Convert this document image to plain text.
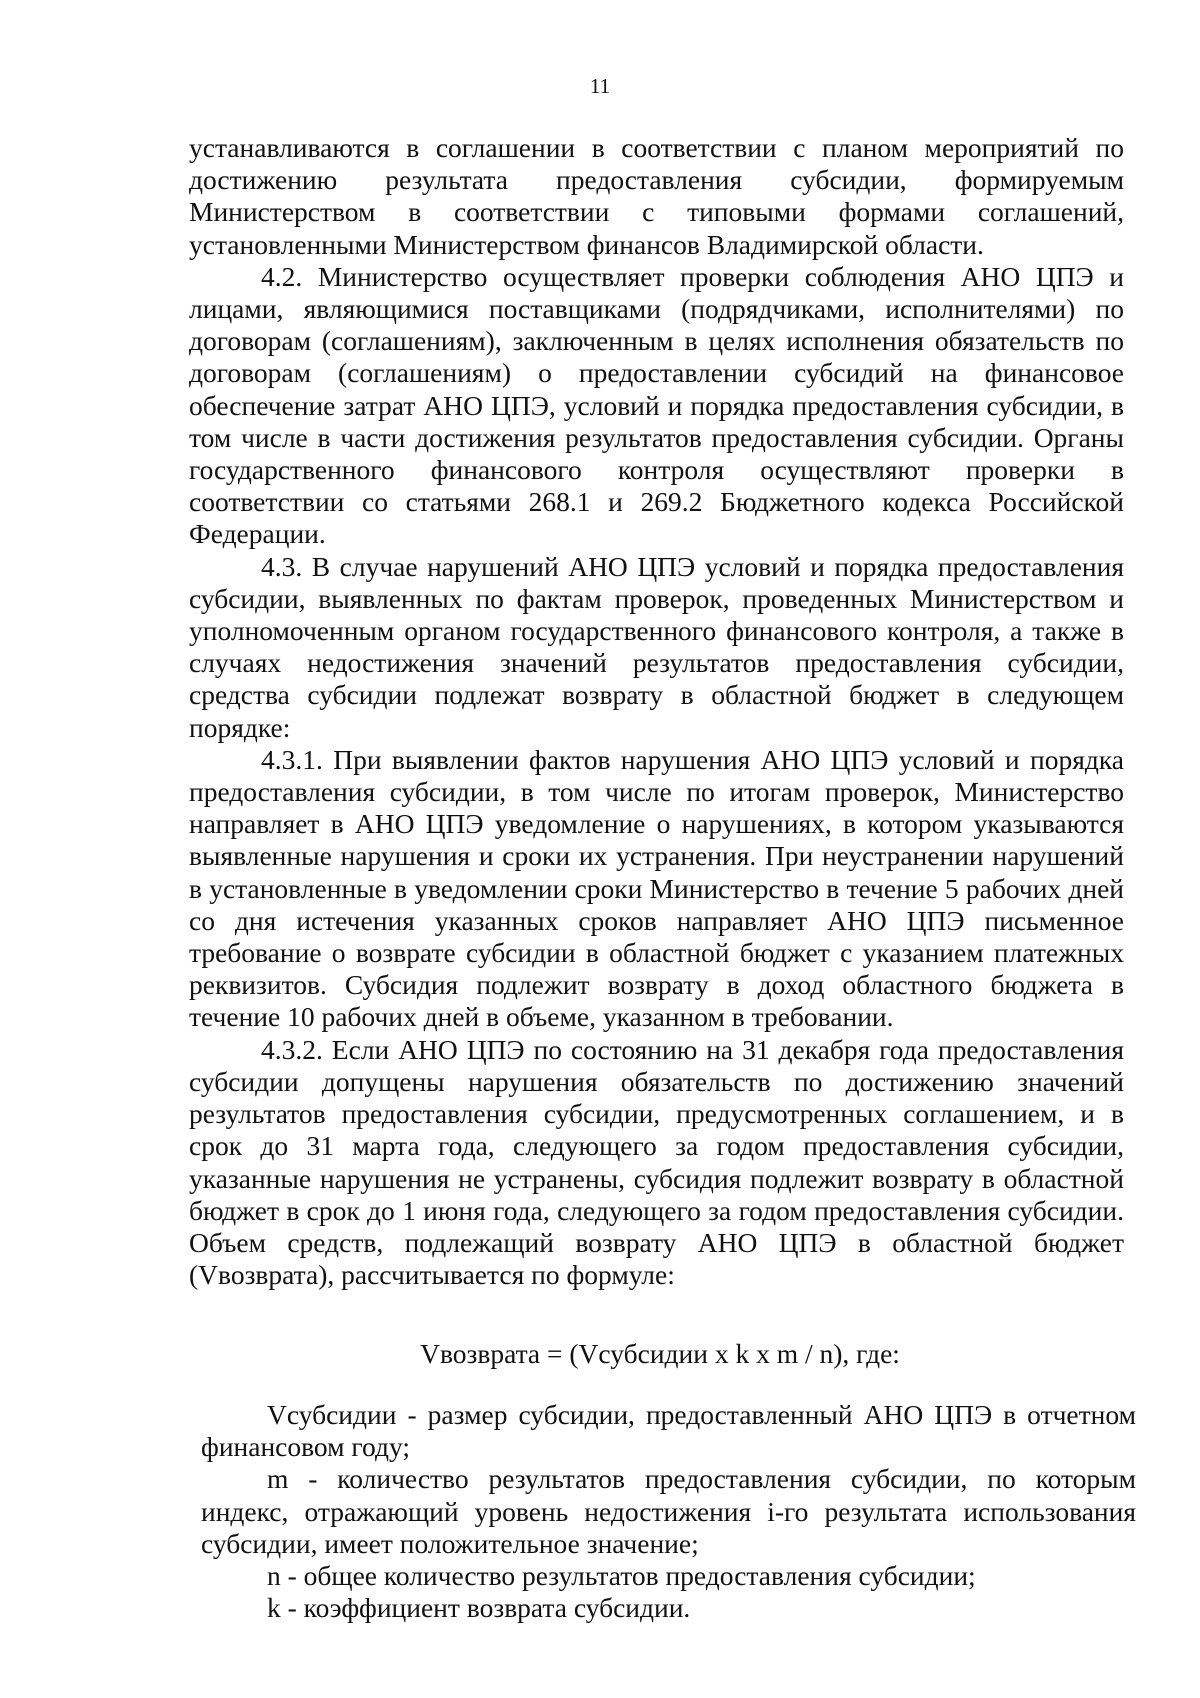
11

устанавливаются в соглашении в соответствии с планом мероприятий по достижению результата предоставления субсидии, формируемым Министерством в соответствии с типовыми формами соглашений, установленными Министерством финансов Владимирской области.

4.2. Министерство осуществляет проверки соблюдения АНО ЦПЭ и лицами, являющимися поставщиками (подрядчиками, исполнителями) по договорам (соглашениям), заключенным в целях исполнения обязательств по договорам (соглашениям) о предоставлении субсидий на финансовое обеспечение затрат АНО ЦПЭ, условий и порядка предоставления субсидии, в том числе в части достижения результатов предоставления субсидии. Органы государственного финансового контроля осуществляют проверки в соответствии со статьями 268.1 и 269.2 Бюджетного кодекса Российской Федерации.

4.3. В случае нарушений АНО ЦПЭ условий и порядка предоставления субсидии, выявленных по фактам проверок, проведенных Министерством и уполномоченным органом государственного финансового контроля, а также в случаях недостижения значений результатов предоставления субсидии, средства субсидии подлежат возврату в областной бюджет в следующем порядке:

4.3.1. При выявлении фактов нарушения АНО ЦПЭ условий и порядка предоставления субсидии, в том числе по итогам проверок, Министерство направляет в АНО ЦПЭ уведомление о нарушениях, в котором указываются выявленные нарушения и сроки их устранения. При неустранении нарушений в установленные в уведомлении сроки Министерство в течение 5 рабочих дней со дня истечения указанных сроков направляет АНО ЦПЭ письменное требование о возврате субсидии в областной бюджет с указанием платежных реквизитов. Субсидия подлежит возврату в доход областного бюджета в течение 10 рабочих дней в объеме, указанном в требовании.

4.3.2. Если АНО ЦПЭ по состоянию на 31 декабря года предоставления субсидии допущены нарушения обязательств по достижению значений результатов предоставления субсидии, предусмотренных соглашением, и в срок до 31 марта года, следующего за годом предоставления субсидии, указанные нарушения не устранены, субсидия подлежит возврату в областной бюджет в срок до 1 июня года, следующего за годом предоставления субсидии. Объем средств, подлежащий возврату АНО ЦПЭ в областной бюджет (Vвозврата), рассчитывается по формуле:

Vвозврата = (Vсубсидии x k x m / n), где:

Vсубсидии - размер субсидии, предоставленный АНО ЦПЭ в отчетном финансовом году;

m - количество результатов предоставления субсидии, по которым индекс, отражающий уровень недостижения i-го результата использования субсидии, имеет положительное значение;

n - общее количество результатов предоставления субсидии;

k - коэффициент возврата субсидии.
